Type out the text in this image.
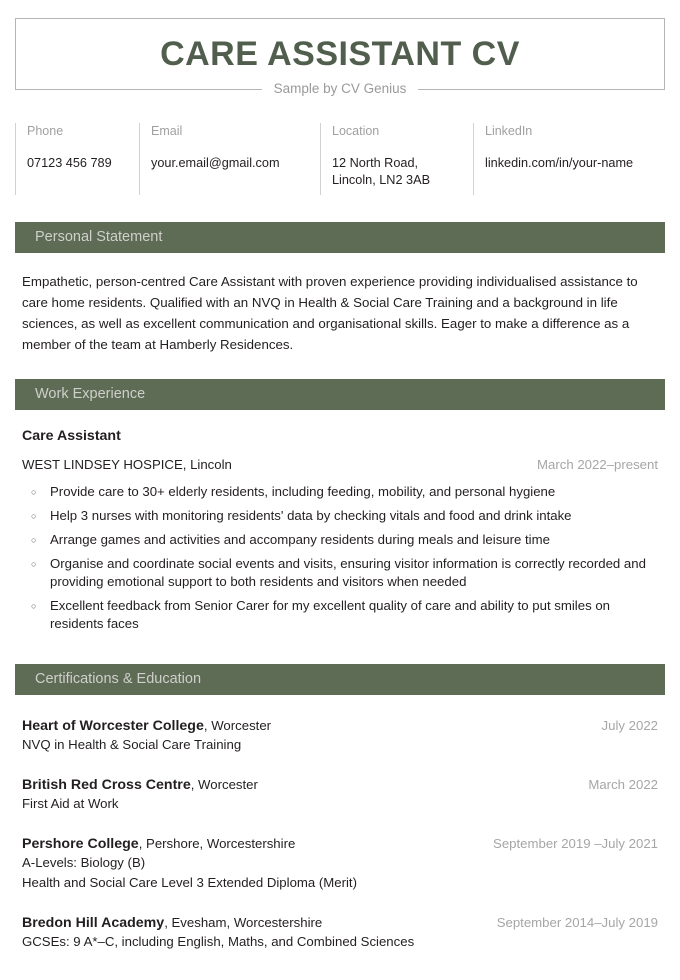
CARE ASSISTANT CV
Sample by CV Genius
Phone
07123 456 789
Email
your.email@gmail.com
Location
12 North Road, Lincoln, LN2 3AB
LinkedIn
linkedin.com/in/your-name
Personal Statement
Empathetic, person-centred Care Assistant with proven experience providing individualised assistance to care home residents. Qualified with an NVQ in Health & Social Care Training and a background in life sciences, as well as excellent communication and organisational skills. Eager to make a difference as a member of the team at Hamberly Residences.
Work Experience
Care Assistant
WEST LINDSEY HOSPICE, Lincoln	March 2022–present
○ Provide care to 30+ elderly residents, including feeding, mobility, and personal hygiene
○ Help 3 nurses with monitoring residents' data by checking vitals and food and drink intake
○ Arrange games and activities and accompany residents during meals and leisure time
○ Organise and coordinate social events and visits, ensuring visitor information is correctly recorded and providing emotional support to both residents and visitors when needed
○ Excellent feedback from Senior Carer for my excellent quality of care and ability to put smiles on residents faces
Certifications & Education
Heart of Worcester College, Worcester	July 2022
NVQ in Health & Social Care Training
British Red Cross Centre, Worcester	March 2022
First Aid at Work
Pershore College, Pershore, Worcestershire	September 2019 –July 2021
A-Levels: Biology (B)
Health and Social Care Level 3 Extended Diploma (Merit)
Bredon Hill Academy, Evesham, Worcestershire	September 2014–July 2019
GCSEs: 9 A*–C, including English, Maths, and Combined Sciences
